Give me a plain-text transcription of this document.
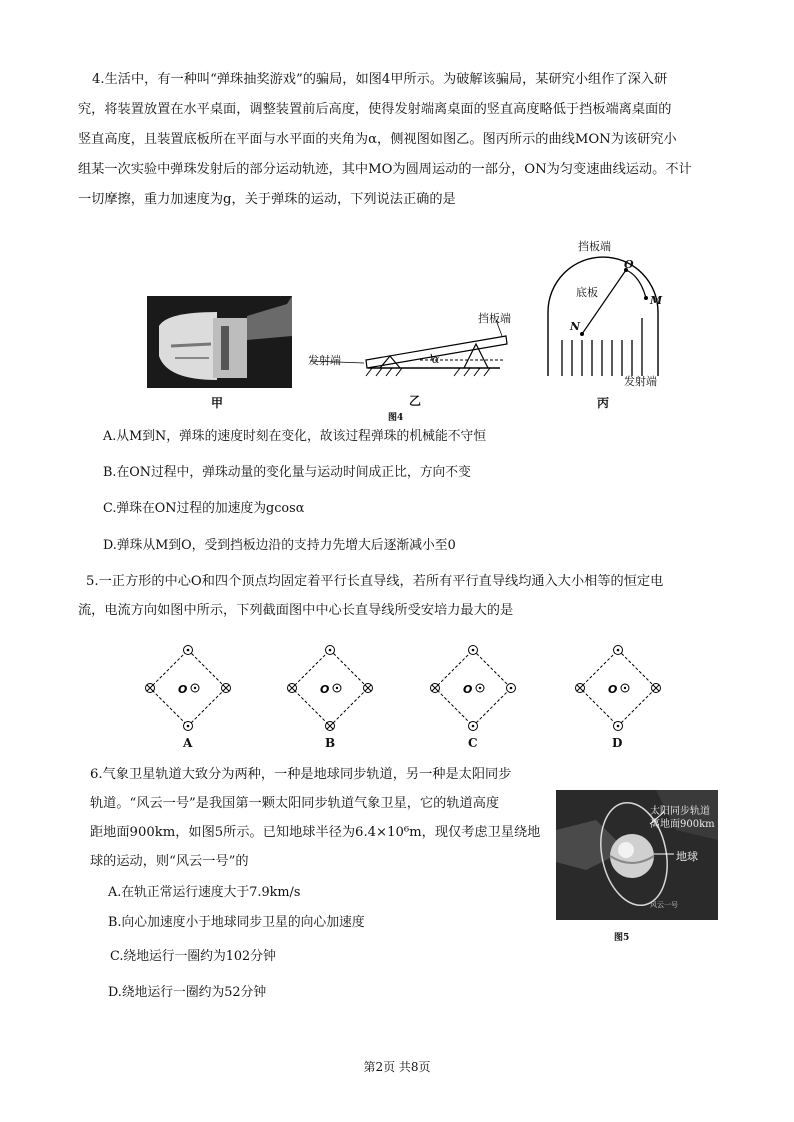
4.生活中，有一种叫“弹珠抽奖游戏”的骗局，如图4甲所示。为破解该骗局，某研究小组作了深入研
究，将装置放置在水平桌面，调整装置前后高度，使得发射端离桌面的竖直高度略低于挡板端离桌面的
竖直高度，且装置底板所在平面与水平面的夹角为α，侧视图如图乙。图丙所示的曲线MON为该研究小
组某一次实验中弹珠发射后的部分运动轨迹，其中MO为圆周运动的一部分，ON为匀变速曲线运动。不计
一切摩擦，重力加速度为g，关于弹珠的运动，下列说法正确的是
发射端
挡板端
α
挡板端
底板
O
M
N
发射端
甲	乙	丙
图4
A.从M到N，弹珠的速度时刻在变化，故该过程弹珠的机械能不守恒
B.在ON过程中，弹珠动量的变化量与运动时间成正比，方向不变
C.弹珠在ON过程的加速度为gcosα
D.弹珠从M到O，受到挡板边沿的支持力先增大后逐渐减小至0
5.一正方形的中心O和四个顶点均固定着平行长直导线，若所有平行直导线均通入大小相等的恒定电
流，电流方向如图中所示，下列截面图中中心长直导线所受安培力最大的是
O	O	O	O
A	B	C	D
6.气象卫星轨道大致分为两种，一种是地球同步轨道，另一种是太阳同步
轨道。“风云一号”是我国第一颗太阳同步轨道气象卫星，它的轨道高度
距地面900km，如图5所示。已知地球半径为6.4×10⁶m，现仅考虑卫星绕地
球的运动，则“风云一号”的
A.在轨正常运行速度大于7.9km/s
B.向心加速度小于地球同步卫星的向心加速度
C.绕地运行一圈约为102分钟
D.绕地运行一圈约为52分钟
太阳同步轨道
离地面900km
地球
风云一号
图5
第2页 共8页
